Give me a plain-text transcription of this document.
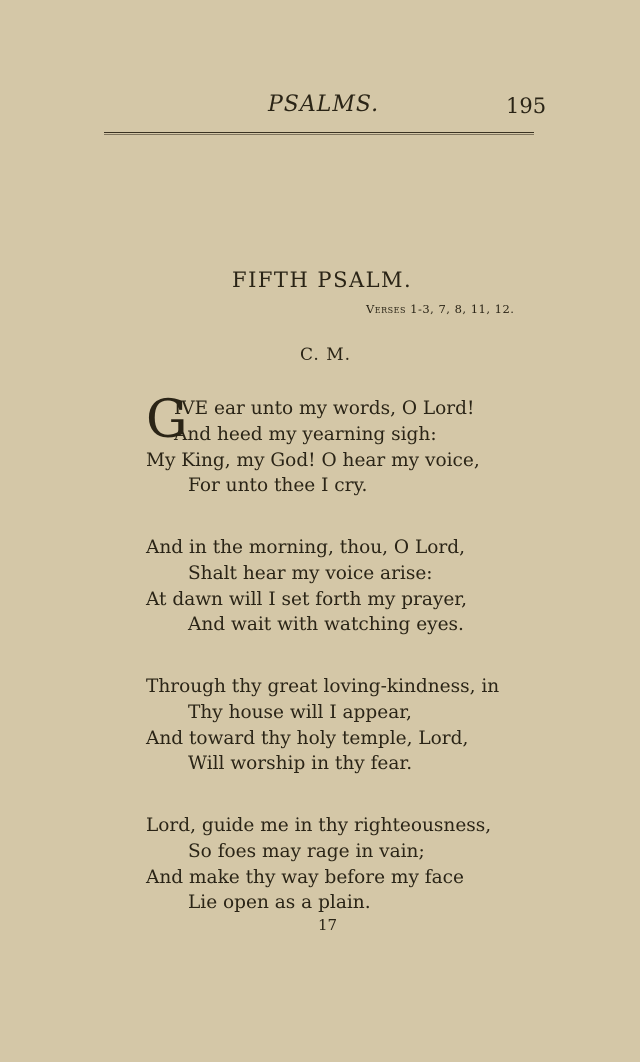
PSALMS.	195
FIFTH PSALM.
Verses 1-3, 7, 8, 11, 12.
C. M.
G
IVE ear unto my words, O Lord!
And heed my yearning sigh:
My King, my God! O hear my voice,
For unto thee I cry.
And in the morning, thou, O Lord,
Shalt hear my voice arise:
At dawn will I set forth my prayer,
And wait with watching eyes.
Through thy great loving-kindness, in
Thy house will I appear,
And toward thy holy temple, Lord,
Will worship in thy fear.
Lord, guide me in thy righteousness,
So foes may rage in vain;
And make thy way before my face
Lie open as a plain.
17
